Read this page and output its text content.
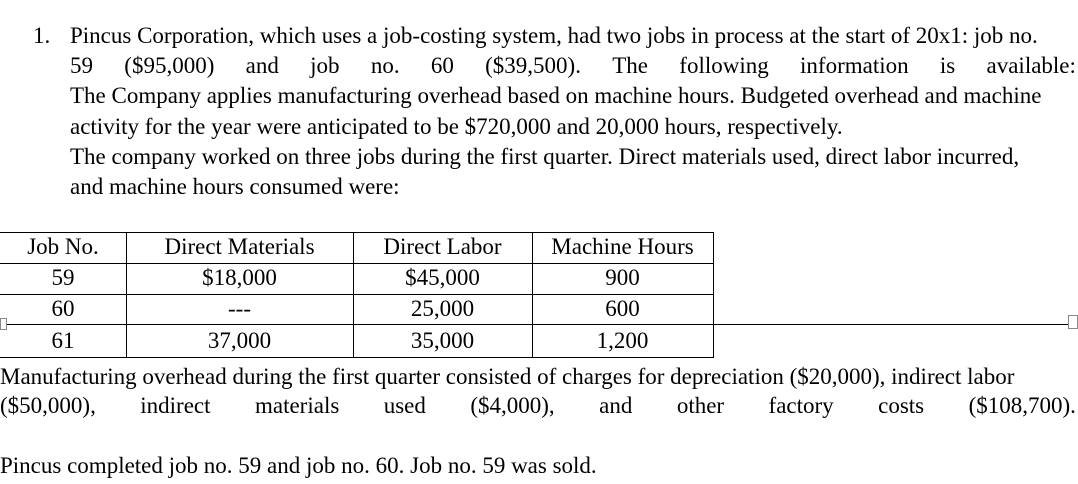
1. Pincus Corporation, which uses a job-costing system, had two jobs in process at the start of 20x1: job no.
59 ($95,000) and job no. 60 ($39,500). The following information is available:
The Company applies manufacturing overhead based on machine hours. Budgeted overhead and machine
activity for the year were anticipated to be $720,000 and 20,000 hours, respectively.
The company worked on three jobs during the first quarter. Direct materials used, direct labor incurred,
and machine hours consumed were:
Job No.	Direct Materials	Direct Labor	Machine Hours
59	$18,000	$45,000	900
60	---	25,000	600
61	37,000	35,000	1,200
Manufacturing overhead during the first quarter consisted of charges for depreciation ($20,000), indirect labor
($50,000), indirect materials used ($4,000), and other factory costs ($108,700).
Pincus completed job no. 59 and job no. 60. Job no. 59 was sold.
